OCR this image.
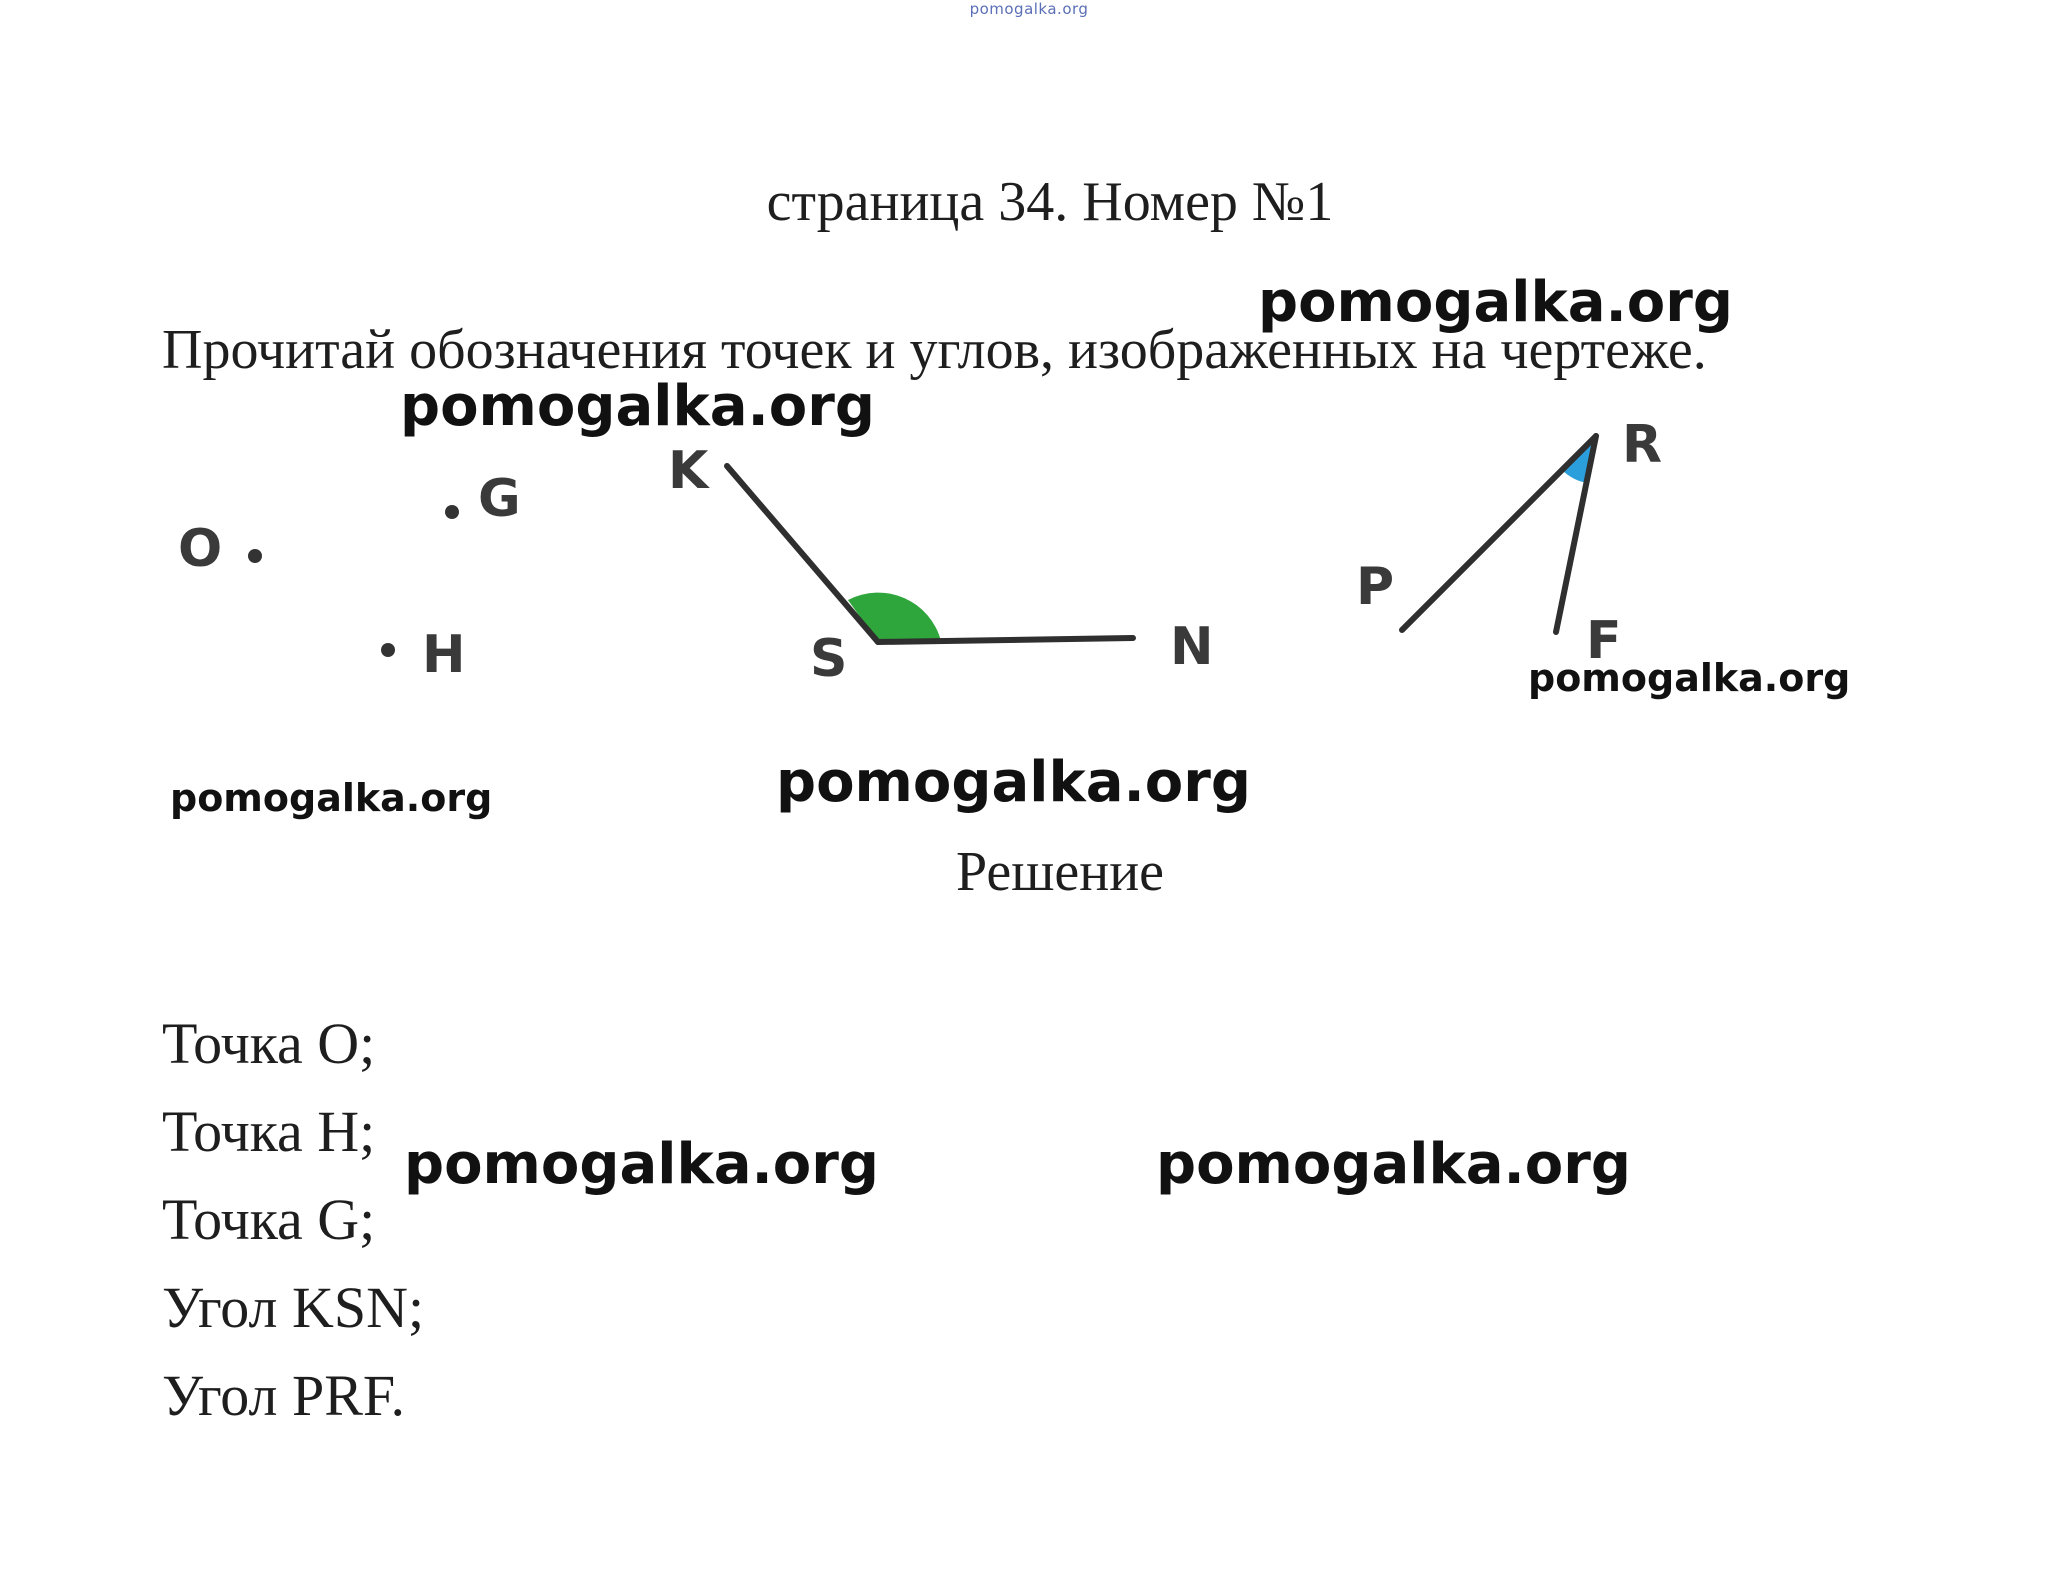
pomogalka.org
страница 34. Номер №1
Прочитай обозначения точек и углов, изображенных на чертеже.
O
G
H
K
S	N
R
P
F
pomogalka.org
pomogalka.org
pomogalka.org
pomogalka.org	pomogalka.org
pomogalka.org	pomogalka.org
Решение
Точка O;
Точка H;
Точка G;
Угол KSN;
Угол PRF.
